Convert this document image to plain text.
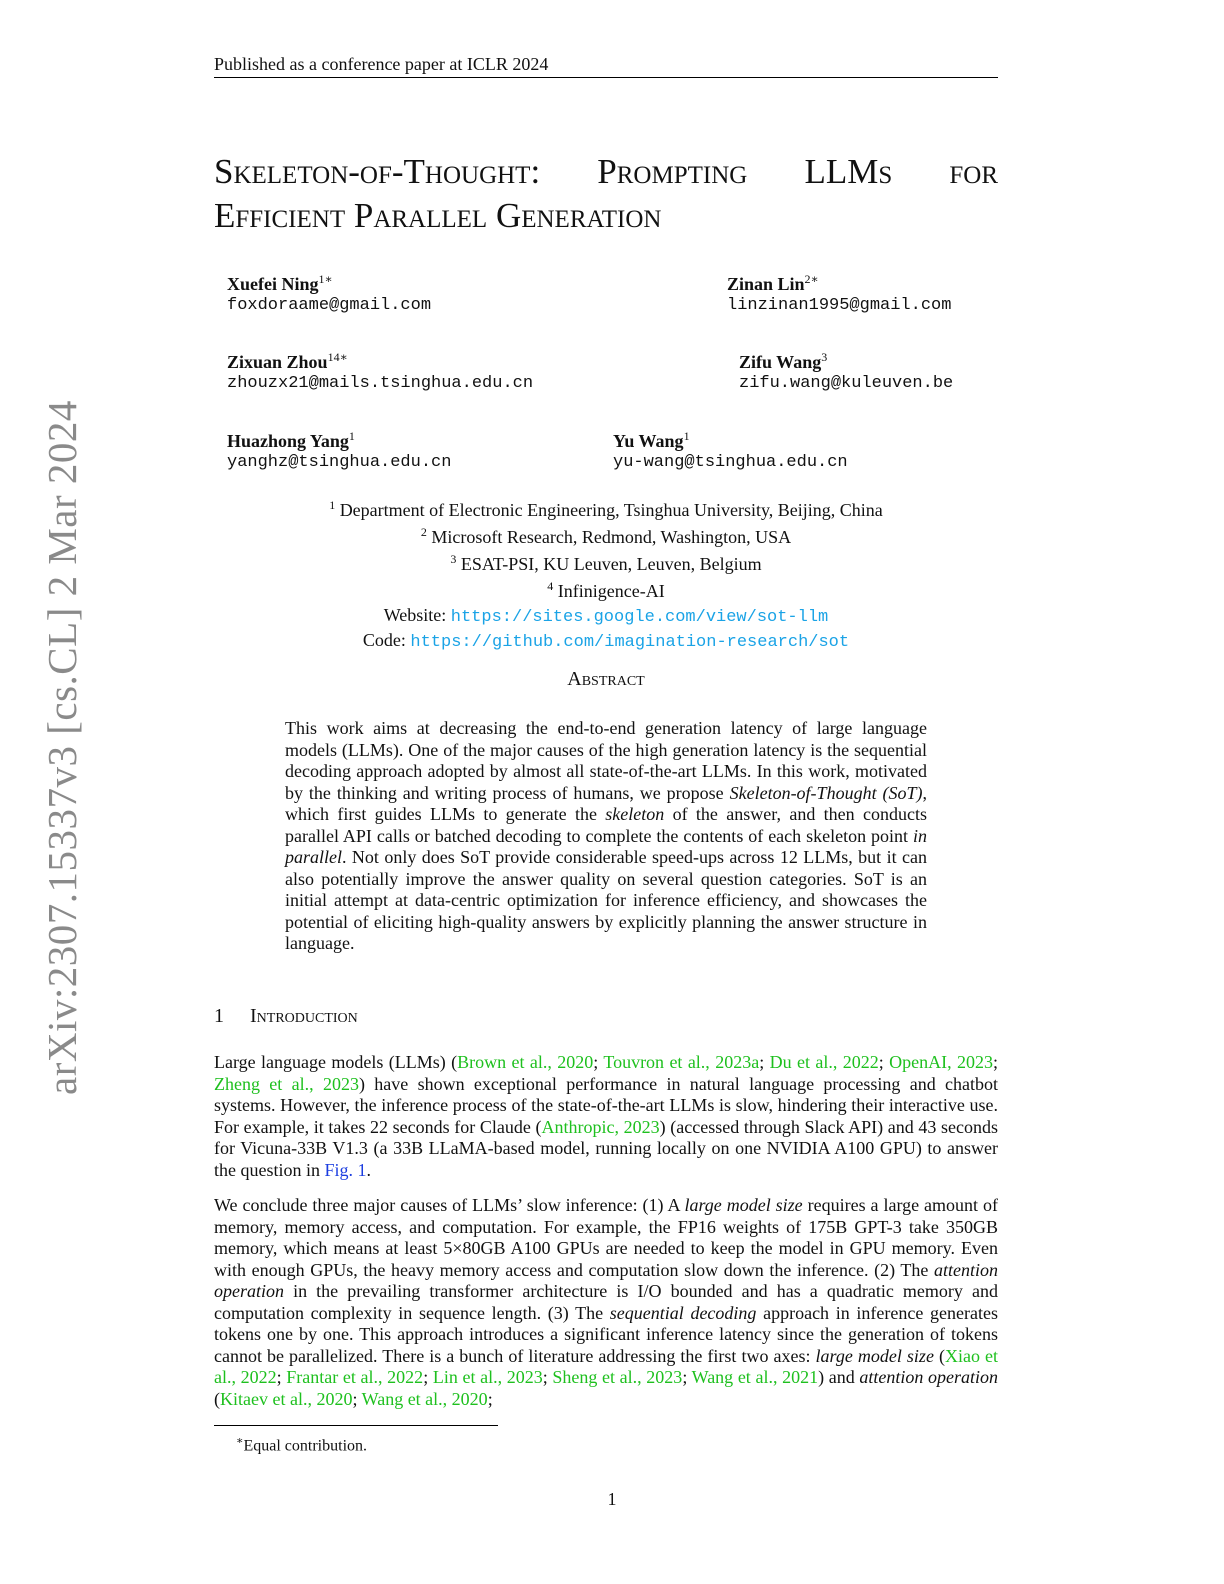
Published as a conference paper at ICLR 2024
arXiv:2307.15337v3 [cs.CL] 2 Mar 2024
Skeleton-of-Thought: Prompting LLMs for
Efficient Parallel Generation
Xuefei Ning$^{1∗}$
foxdoraame@gmail.com
Zinan Lin$^{2∗}$
linzinan1995@gmail.com
Zixuan Zhou$^{14∗}$
zhouzx21@mails.tsinghua.edu.cn
Zifu Wang$^3$
zifu.wang@kuleuven.be
Huazhong Yang$^1$
yanghz@tsinghua.edu.cn
Yu Wang$^1$
yu-wang@tsinghua.edu.cn
$^1$ Department of Electronic Engineering, Tsinghua University, Beijing, China
$^2$ Microsoft Research, Redmond, Washington, USA
$^3$ ESAT-PSI, KU Leuven, Leuven, Belgium
$^4$ Infinigence-AI
Website: https://sites.google.com/view/sot-llm
Code: https://github.com/imagination-research/sot
Abstract
This work aims at decreasing the end-to-end generation latency of large language models (LLMs). One of the major causes of the high generation latency is the sequential decoding approach adopted by almost all state-of-the-art LLMs. In this work, motivated by the thinking and writing process of humans, we propose Skeleton-of-Thought (SoT), which first guides LLMs to generate the skeleton of the answer, and then conducts parallel API calls or batched decoding to complete the contents of each skeleton point in parallel. Not only does SoT provide considerable speed-ups across 12 LLMs, but it can also potentially improve the answer quality on several question categories. SoT is an initial attempt at data-centric optimization for inference efficiency, and showcases the potential of eliciting high-quality answers by explicitly planning the answer structure in language.
1 Introduction
Large language models (LLMs) (Brown et al., 2020; Touvron et al., 2023a; Du et al., 2022; OpenAI, 2023; Zheng et al., 2023) have shown exceptional performance in natural language processing and chatbot systems. However, the inference process of the state-of-the-art LLMs is slow, hindering their interactive use. For example, it takes 22 seconds for Claude (Anthropic, 2023) (accessed through Slack API) and 43 seconds for Vicuna-33B V1.3 (a 33B LLaMA-based model, running locally on one NVIDIA A100 GPU) to answer the question in Fig. 1.
We conclude three major causes of LLMs’ slow inference: (1) A large model size requires a large amount of memory, memory access, and computation. For example, the FP16 weights of 175B GPT-3 take 350GB memory, which means at least 5×80GB A100 GPUs are needed to keep the model in GPU memory. Even with enough GPUs, the heavy memory access and computation slow down the inference. (2) The attention operation in the prevailing transformer architecture is I/O bounded and has a quadratic memory and computation complexity in sequence length. (3) The sequential decoding approach in inference generates tokens one by one. This approach introduces a significant inference latency since the generation of tokens cannot be parallelized. There is a bunch of literature addressing the first two axes: large model size (Xiao et al., 2022; Frantar et al., 2022; Lin et al., 2023; Sheng et al., 2023; Wang et al., 2021) and attention operation (Kitaev et al., 2020; Wang et al., 2020;
∗Equal contribution.
1
